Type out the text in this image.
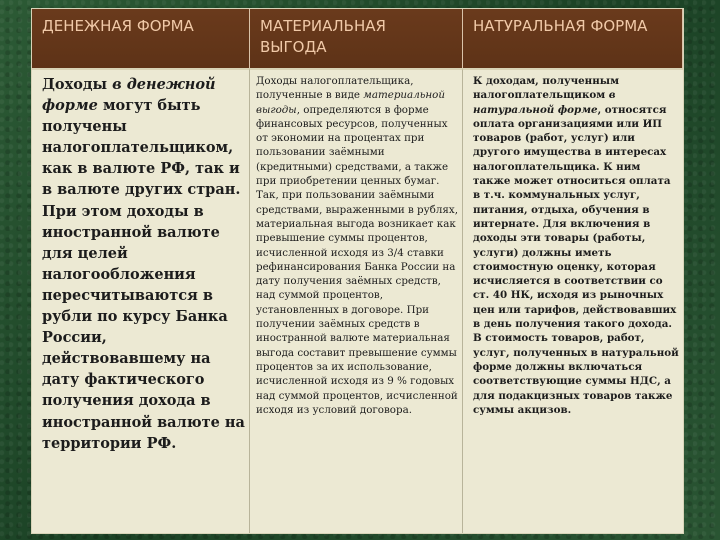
ДЕНЕЖНАЯ ФОРМА	МАТЕРИАЛЬНАЯ ВЫГОДА
НАТУРАЛЬНАЯ ФОРМА
Доходы в денежной форме могут быть получены налогоплательщиком, как в валюте РФ, так и в валюте других стран. При этом доходы в иностранной валюте для целей налогообложения пересчитываются в рубли по курсу Банка России, действовавшему на дату фактического получения дохода в иностранной валюте на территории РФ.
Доходы налогоплательщика, полученные в виде материальной выгоды, определяются в форме финансовых ресурсов, полученных от экономии на процентах при пользовании заёмными (кредитными) средствами, а также при приобретении ценных бумаг. Так, при пользовании заёмными средствами, выраженными в рублях, материальная выгода возникает как превышение суммы процентов, исчисленной исходя из 3/4 ставки рефинансирования Банка России на дату получения заёмных средств, над суммой процентов, установленных в договоре. При получении заёмных средств в иностранной валюте материальная выгода составит превышение суммы процентов за их использование, исчисленной исходя из 9 % годовых над суммой процентов, исчисленной исходя из условий договора.
К доходам, полученным налогоплательщиком в натуральной форме, относятся оплата организациями или ИП товаров (работ, услуг) или другого имущества в интересах налогоплательщика. К ним также может относиться оплата в т.ч. коммунальных услуг, питания, отдыха, обучения в интернате. Для включения в доходы эти товары (работы, услуги) должны иметь стоимостную оценку, которая исчисляется в соответствии со ст. 40 НК, исходя из рыночных цен или тарифов, действовавших в день получения такого дохода. В стоимость товаров, работ, услуг, полученных в натуральной форме должны включаться соответствующие суммы НДС, а для подакцизных товаров также суммы акцизов.
